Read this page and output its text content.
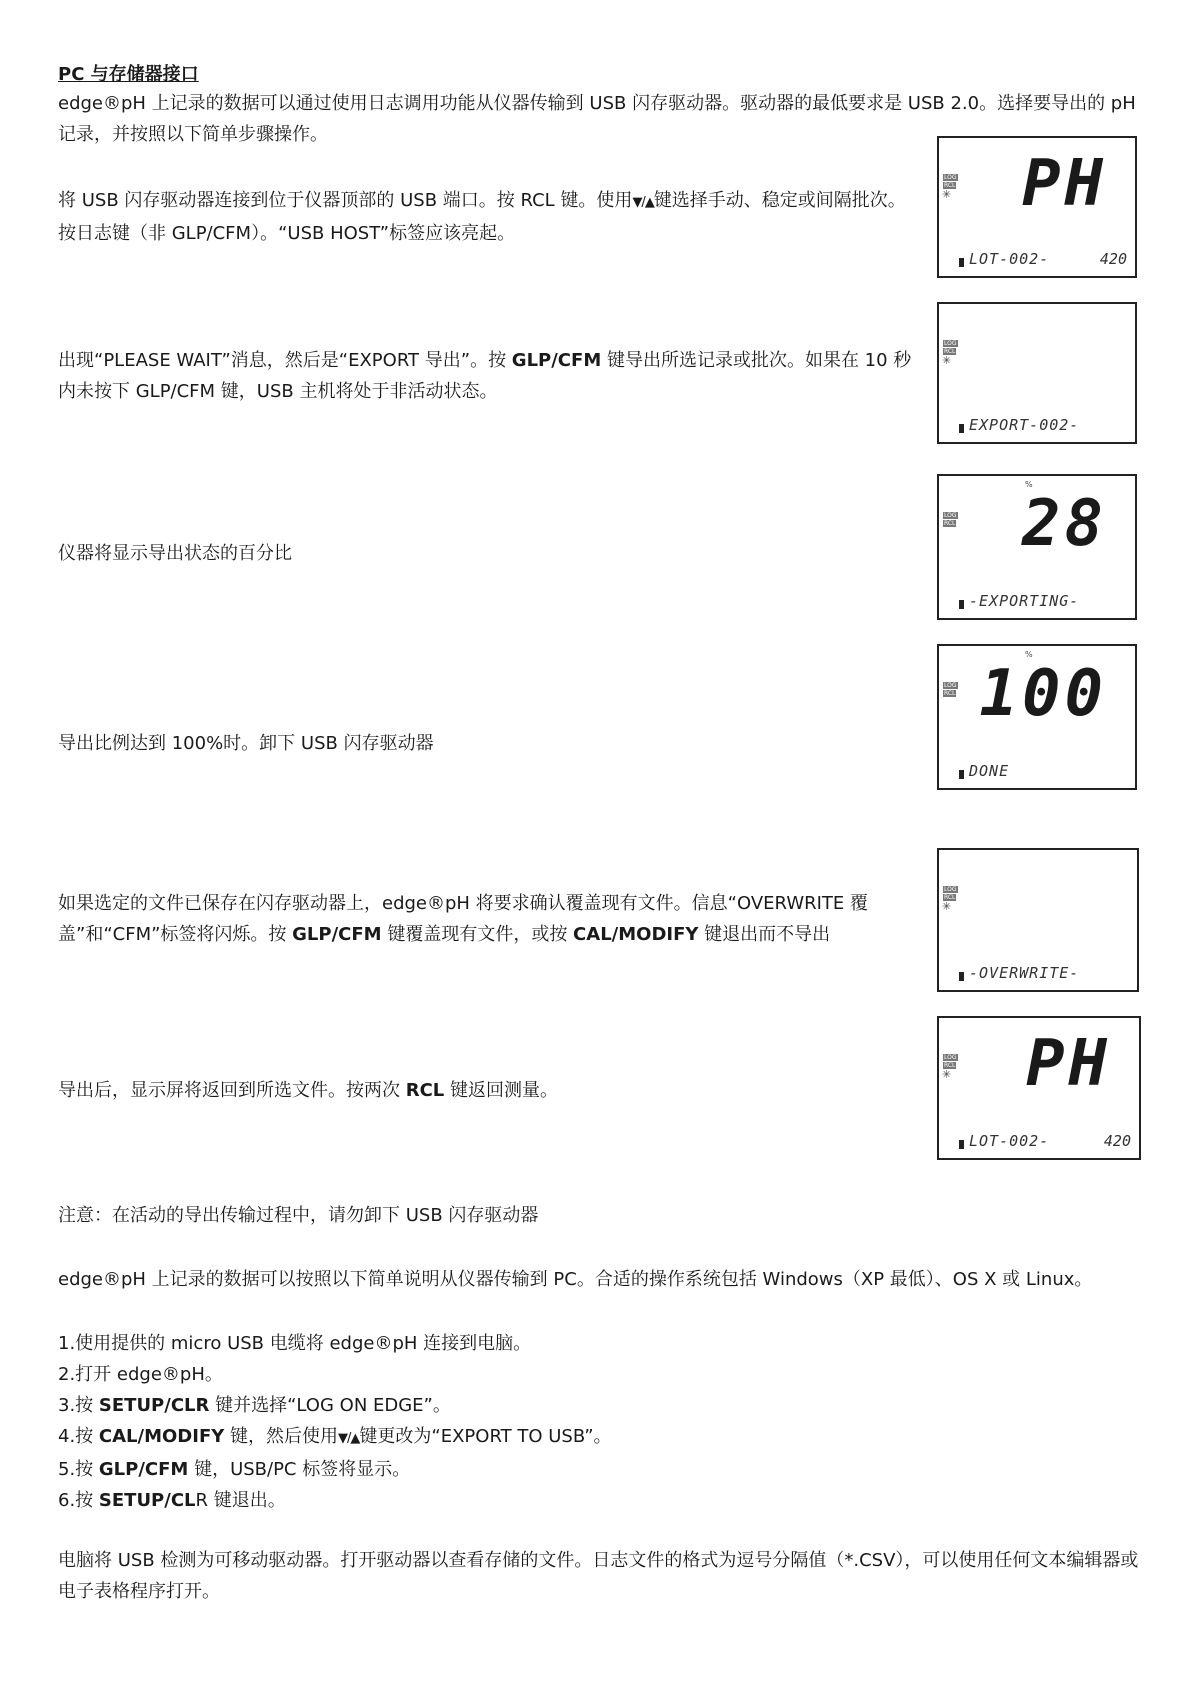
PC 与存储器接口

edge®pH 上记录的数据可以通过使用日志调用功能从仪器传输到 USB 闪存驱动器。驱动器的最低要求是 USB 2.0。选择要导出的 pH 记录，并按照以下简单步骤操作。

将 USB 闪存驱动器连接到位于仪器顶部的 USB 端口。按 RCL 键。使用▼/▲键选择手动、稳定或间隔批次。按日志键（非 GLP/CFM）。“USB HOST”标签应该亮起。

出现“PLEASE WAIT”消息，然后是“EXPORT 导出”。按 GLP/CFM 键导出所选记录或批次。如果在 10 秒内未按下 GLP/CFM 键，USB 主机将处于非活动状态。

仪器将显示导出状态的百分比

导出比例达到 100%时。卸下 USB 闪存驱动器

如果选定的文件已保存在闪存驱动器上，edge®pH 将要求确认覆盖现有文件。信息“OVERWRITE 覆盖”和“CFM”标签将闪烁。按 GLP/CFM 键覆盖现有文件，或按 CAL/MODIFY 键退出而不导出

导出后，显示屏将返回到所选文件。按两次 RCL 键返回测量。

注意：在活动的导出传输过程中，请勿卸下 USB 闪存驱动器

edge®pH 上记录的数据可以按照以下简单说明从仪器传输到 PC。合适的操作系统包括 Windows（XP 最低）、OS X 或 Linux。

1.使用提供的 micro USB 电缆将 edge®pH 连接到电脑。
2.打开 edge®pH。
3.按 SETUP/CLR 键并选择“LOG ON EDGE”。
4.按 CAL/MODIFY 键，然后使用▼/▲键更改为“EXPORT TO USB”。
5.按 GLP/CFM 键，USB/PC 标签将显示。
6.按 SETUP/CLR 键退出。

电脑将 USB 检测为可移动驱动器。打开驱动器以查看存储的文件。日志文件的格式为逗号分隔值（*.CSV），可以使用任何文本编辑器或电子表格程序打开。

LOG
RCL
✳ PH
LOT-002-	420
LOG
RCL
✳
EXPORT-002-
%
LOG
RCL 28
-EXPORTING-
%
LOG
RCL 100
DONE
LOG
RCL
✳
-OVERWRITE-
LOG
RCL
✳ PH
LOT-002-	420
